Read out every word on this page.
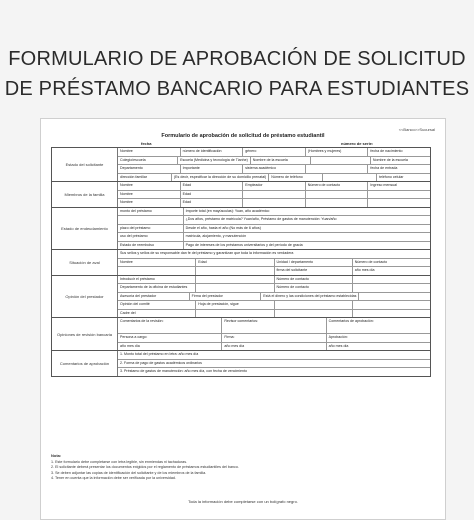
FORMULARIO DE APROBACIÓN DE SOLICITUD
DE PRÉSTAMO BANCARIO PARA ESTUDIANTES
<<Banco>>Sucursal
Formulario de aprobación de solicitud de préstamo estudiantil
fecha	número de serie:
Estado del solicitante
Nombre	número de identificación	género	(Hombres y mujeres)	fecha de nacimiento
Colegio/escuela	Escuela (Medicina y tecnología de Tianhe)	Nombre de la escuela	Nombre de la escuela
Departamento	Importante	sistema académico	fecha de entrada
dirección familiar	(Es decir, especificar la dirección de su domicilio prenatal)	Número de teléfono	teléfono celular
Miembros de la familia
Nombre	Edad	Empleador	Número de contacto	Ingreso mensual
Nombre	Edad
Nombre	Edad
Estado de endeudamiento
monto del préstamo	Importe total (en mayúsculas): Yuan, año académico
¿Dos años, préstamo de matrícula? Yuan/año, Préstamo de gastos de manutención: Yuan/año
plazo del préstamo	Desde el año, hasta el año (No más de 6 años)
uso del préstamo	matrícula, alojamiento, y manutención
Estado de reembolso	Pago de intereses de los préstamos universitarios y del período de gracia
Situación de aval
Sus sellos y sellos de su responsable dan fe del préstamo y garantizan que toda la información es verdadera
Nombre	Edad	Unidad / departamento	Número de contacto
firma del solicitante	año mes día
Opinión del prestador
Introducir el préstamo	Número de contacto
Departamento de la oficina de estudiantes	Número de contacto
Asesoría del prestador	Firma del prestador	Está el dinero y las condiciones del préstamo establecidas
Opinión del comité	Hoja de prestación, sigue
Cadre del
Opiniones de revisión bancaria
Comentarios de la revisión:	Revisor comentarios:	Comentarios de aprobación:
Persona a cargo:	Firma:	Aprobación:
año mes día	año mes día	año mes día
Comentarios de aprobación
1. Monto total del préstamo en letra: año mes día
2. Forma de pago de gastos académicos ordinarios
3. Préstamo de gastos de manutención: año mes día, con fecha de vencimiento
Nota:
1. Este formulario debe completarse con letra legible, sin enmiendas ni tachaduras.
2. El solicitante deberá presentar los documentos exigidos por el reglamento de préstamos estudiantiles del banco.
3. Se deben adjuntar las copias de identificación del solicitante y de los miembros de la familia.
4. Tener en cuenta que la información debe ser verificada por la universidad.
Toda la información debe completarse con un bolígrafo negro.
